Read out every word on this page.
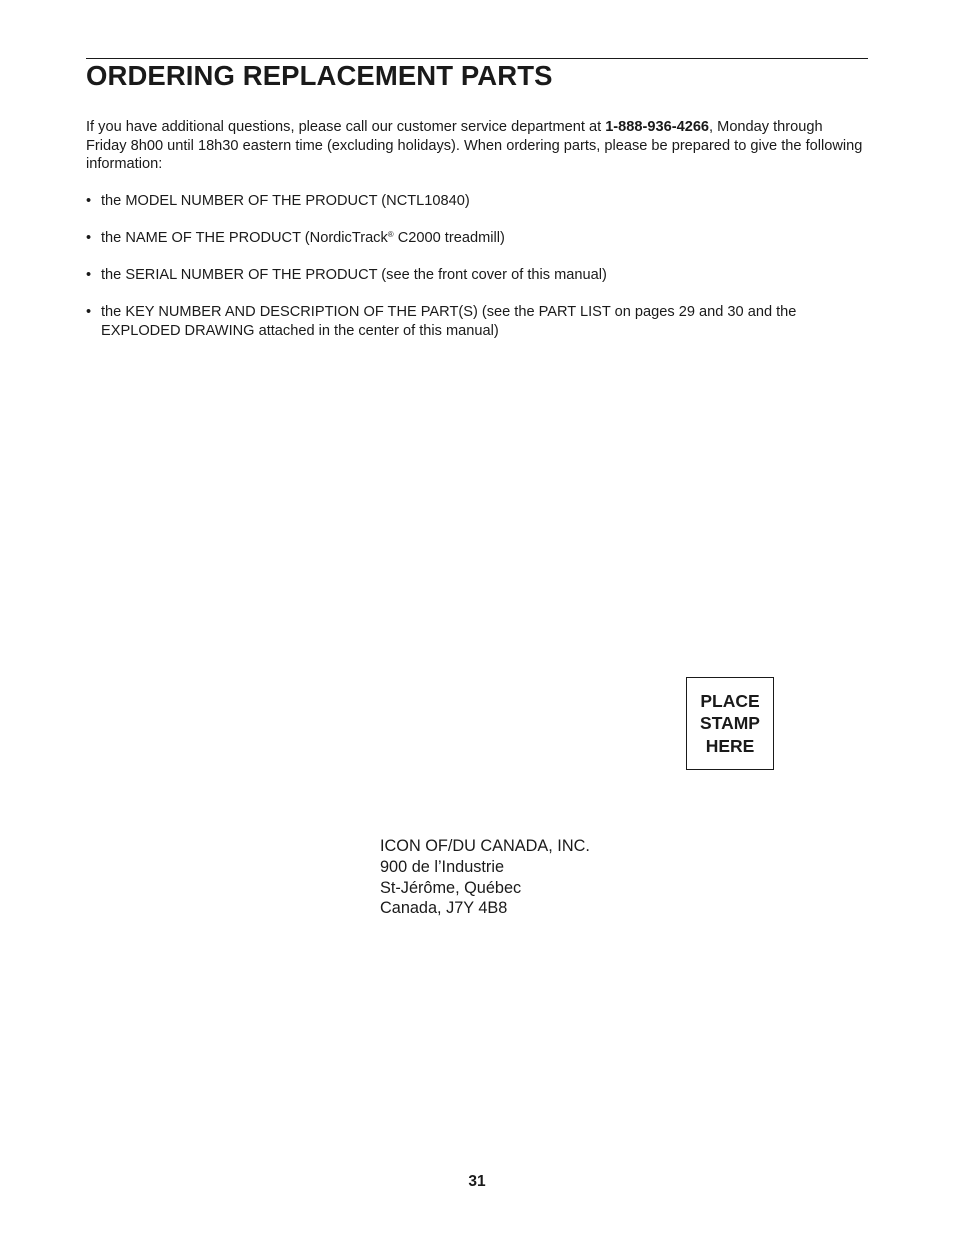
ORDERING REPLACEMENT PARTS

If you have additional questions, please call our customer service department at 1-888-936-4266, Monday through Friday 8h00 until 18h30 eastern time (excluding holidays). When ordering parts, please be prepared to give the following information:

• the MODEL NUMBER OF THE PRODUCT (NCTL10840)
• the NAME OF THE PRODUCT (NordicTrack® C2000 treadmill)
• the SERIAL NUMBER OF THE PRODUCT (see the front cover of this manual)
• the KEY NUMBER AND DESCRIPTION OF THE PART(S) (see the PART LIST on pages 29 and 30 and the EXPLODED DRAWING attached in the center of this manual)
PLACE
STAMP
HERE
ICON OF/DU CANADA, INC.
900 de l’Industrie
St-Jérôme, Québec
Canada, J7Y 4B8
31
